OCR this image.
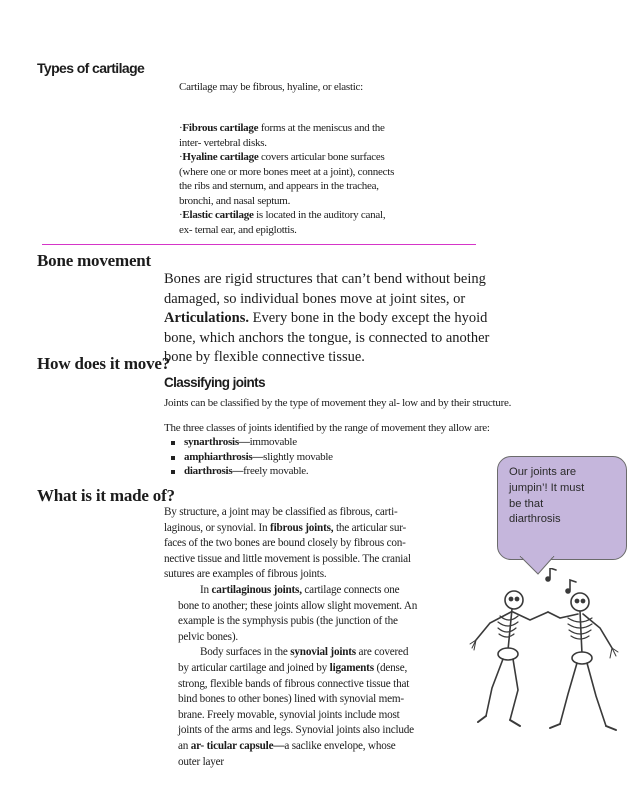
Types of cartilage

Cartilage may be fibrous, hyaline, or elastic:

·Fibrous cartilage forms at the meniscus and the

inter- vertebral disks.

·Hyaline cartilage covers articular bone surfaces

(where one or more bones meet at a joint), connects

the ribs and sternum, and appears in the trachea,

bronchi, and nasal septum.

·Elastic cartilage is located in the auditory canal,

ex- ternal ear, and epiglottis.

Bone movement

Bones are rigid structures that can’t bend without being

damaged, so individual bones move at joint sites, or

Articulations. Every bone in the body except the hyoid

bone, which anchors the tongue, is connected to another

bone by flexible connective tissue.

How does it move?
Classifying joints

Joints can be classified by the type of movement they al- low and by their structure.

The three classes of joints identified by the range of movement they allow are:

synarthrosis—immovable
amphiarthrosis—slightly movable
diarthrosis—freely movable.
What is it made of?

By structure, a joint may be classified as fibrous, carti-

laginous, or synovial. In fibrous joints, the articular sur-

faces of the two bones are bound closely by fibrous con-

nective tissue and little movement is possible. The cranial

sutures are examples of fibrous joints.

In cartilaginous joints, cartilage connects one

bone to another; these joints allow slight movement. An

example is the symphysis pubis (the junction of the

pelvic bones).

Body surfaces in the synovial joints are covered

by articular cartilage and joined by ligaments (dense,

strong, flexible bands of fibrous connective tissue that

bind bones to other bones) lined with synovial mem-

brane. Freely movable, synovial joints include most

joints of the arms and legs. Synovial joints also include

an ar- ticular capsule—a saclike envelope, whose

outer layer

Our joints are
jumpin’! It must
be that
diarthrosis
